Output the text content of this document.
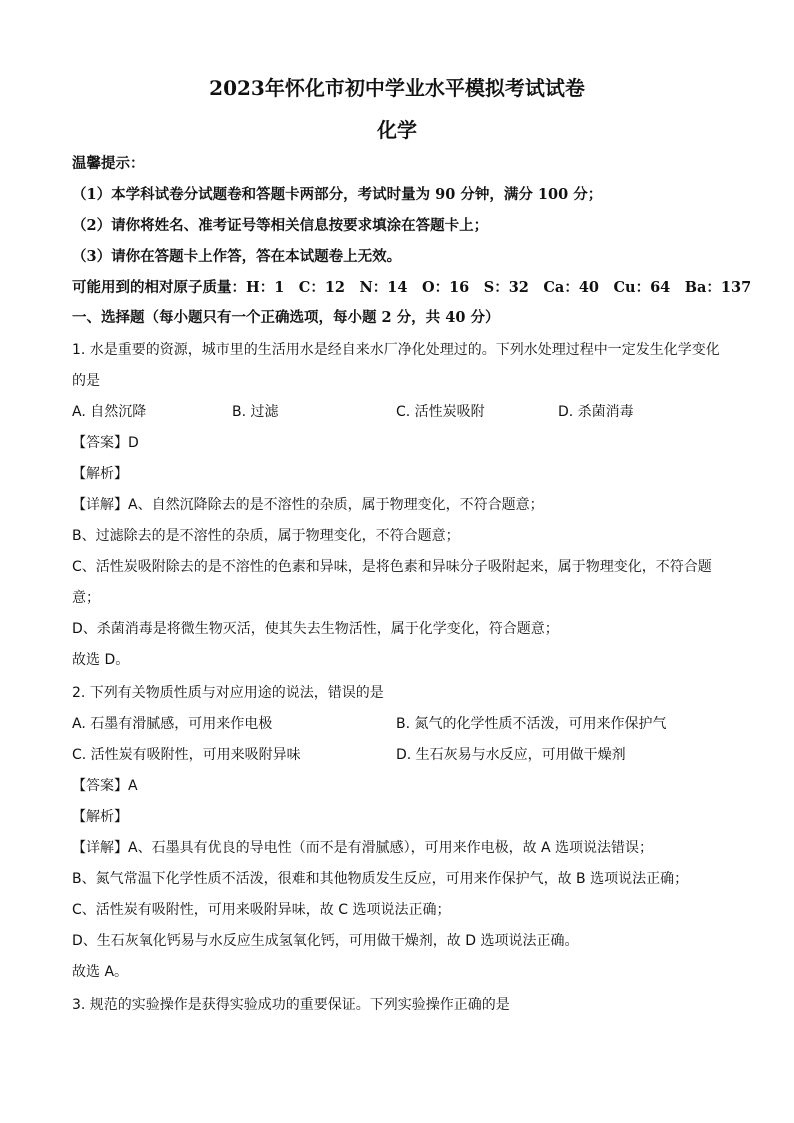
2023年怀化市初中学业水平模拟考试试卷
化学
温馨提示：
（1）本学科试卷分试题卷和答题卡两部分，考试时量为 90 分钟，满分 100 分；
（2）请你将姓名、准考证号等相关信息按要求填涂在答题卡上；
（3）请你在答题卡上作答，答在本试题卷上无效。
可能用到的相对原子质量：H：1　C：12　N：14　O：16　S：32　Ca：40　Cu：64　Ba：137
一、选择题（每小题只有一个正确选项，每小题 2 分，共 40 分）
1. 水是重要的资源，城市里的生活用水是经自来水厂净化处理过的。下列水处理过程中一定发生化学变化
的是
A. 自然沉降	B. 过滤	C. 活性炭吸附	D. 杀菌消毒
【答案】D
【解析】
【详解】A、自然沉降除去的是不溶性的杂质，属于物理变化，不符合题意；
B、过滤除去的是不溶性的杂质，属于物理变化，不符合题意；
C、活性炭吸附除去的是不溶性的色素和异味，是将色素和异味分子吸附起来，属于物理变化，不符合题
意；
D、杀菌消毒是将微生物灭活，使其失去生物活性，属于化学变化，符合题意；
故选 D。
2. 下列有关物质性质与对应用途的说法，错误的是
A. 石墨有滑腻感，可用来作电极	B. 氮气的化学性质不活泼，可用来作保护气
C. 活性炭有吸附性，可用来吸附异味	D. 生石灰易与水反应，可用做干燥剂
【答案】A
【解析】
【详解】A、石墨具有优良的导电性（而不是有滑腻感），可用来作电极，故 A 选项说法错误；
B、氮气常温下化学性质不活泼，很难和其他物质发生反应，可用来作保护气，故 B 选项说法正确；
C、活性炭有吸附性，可用来吸附异味，故 C 选项说法正确；
D、生石灰氧化钙易与水反应生成氢氧化钙，可用做干燥剂，故 D 选项说法正确。
故选 A。
3. 规范的实验操作是获得实验成功的重要保证。下列实验操作正确的是
